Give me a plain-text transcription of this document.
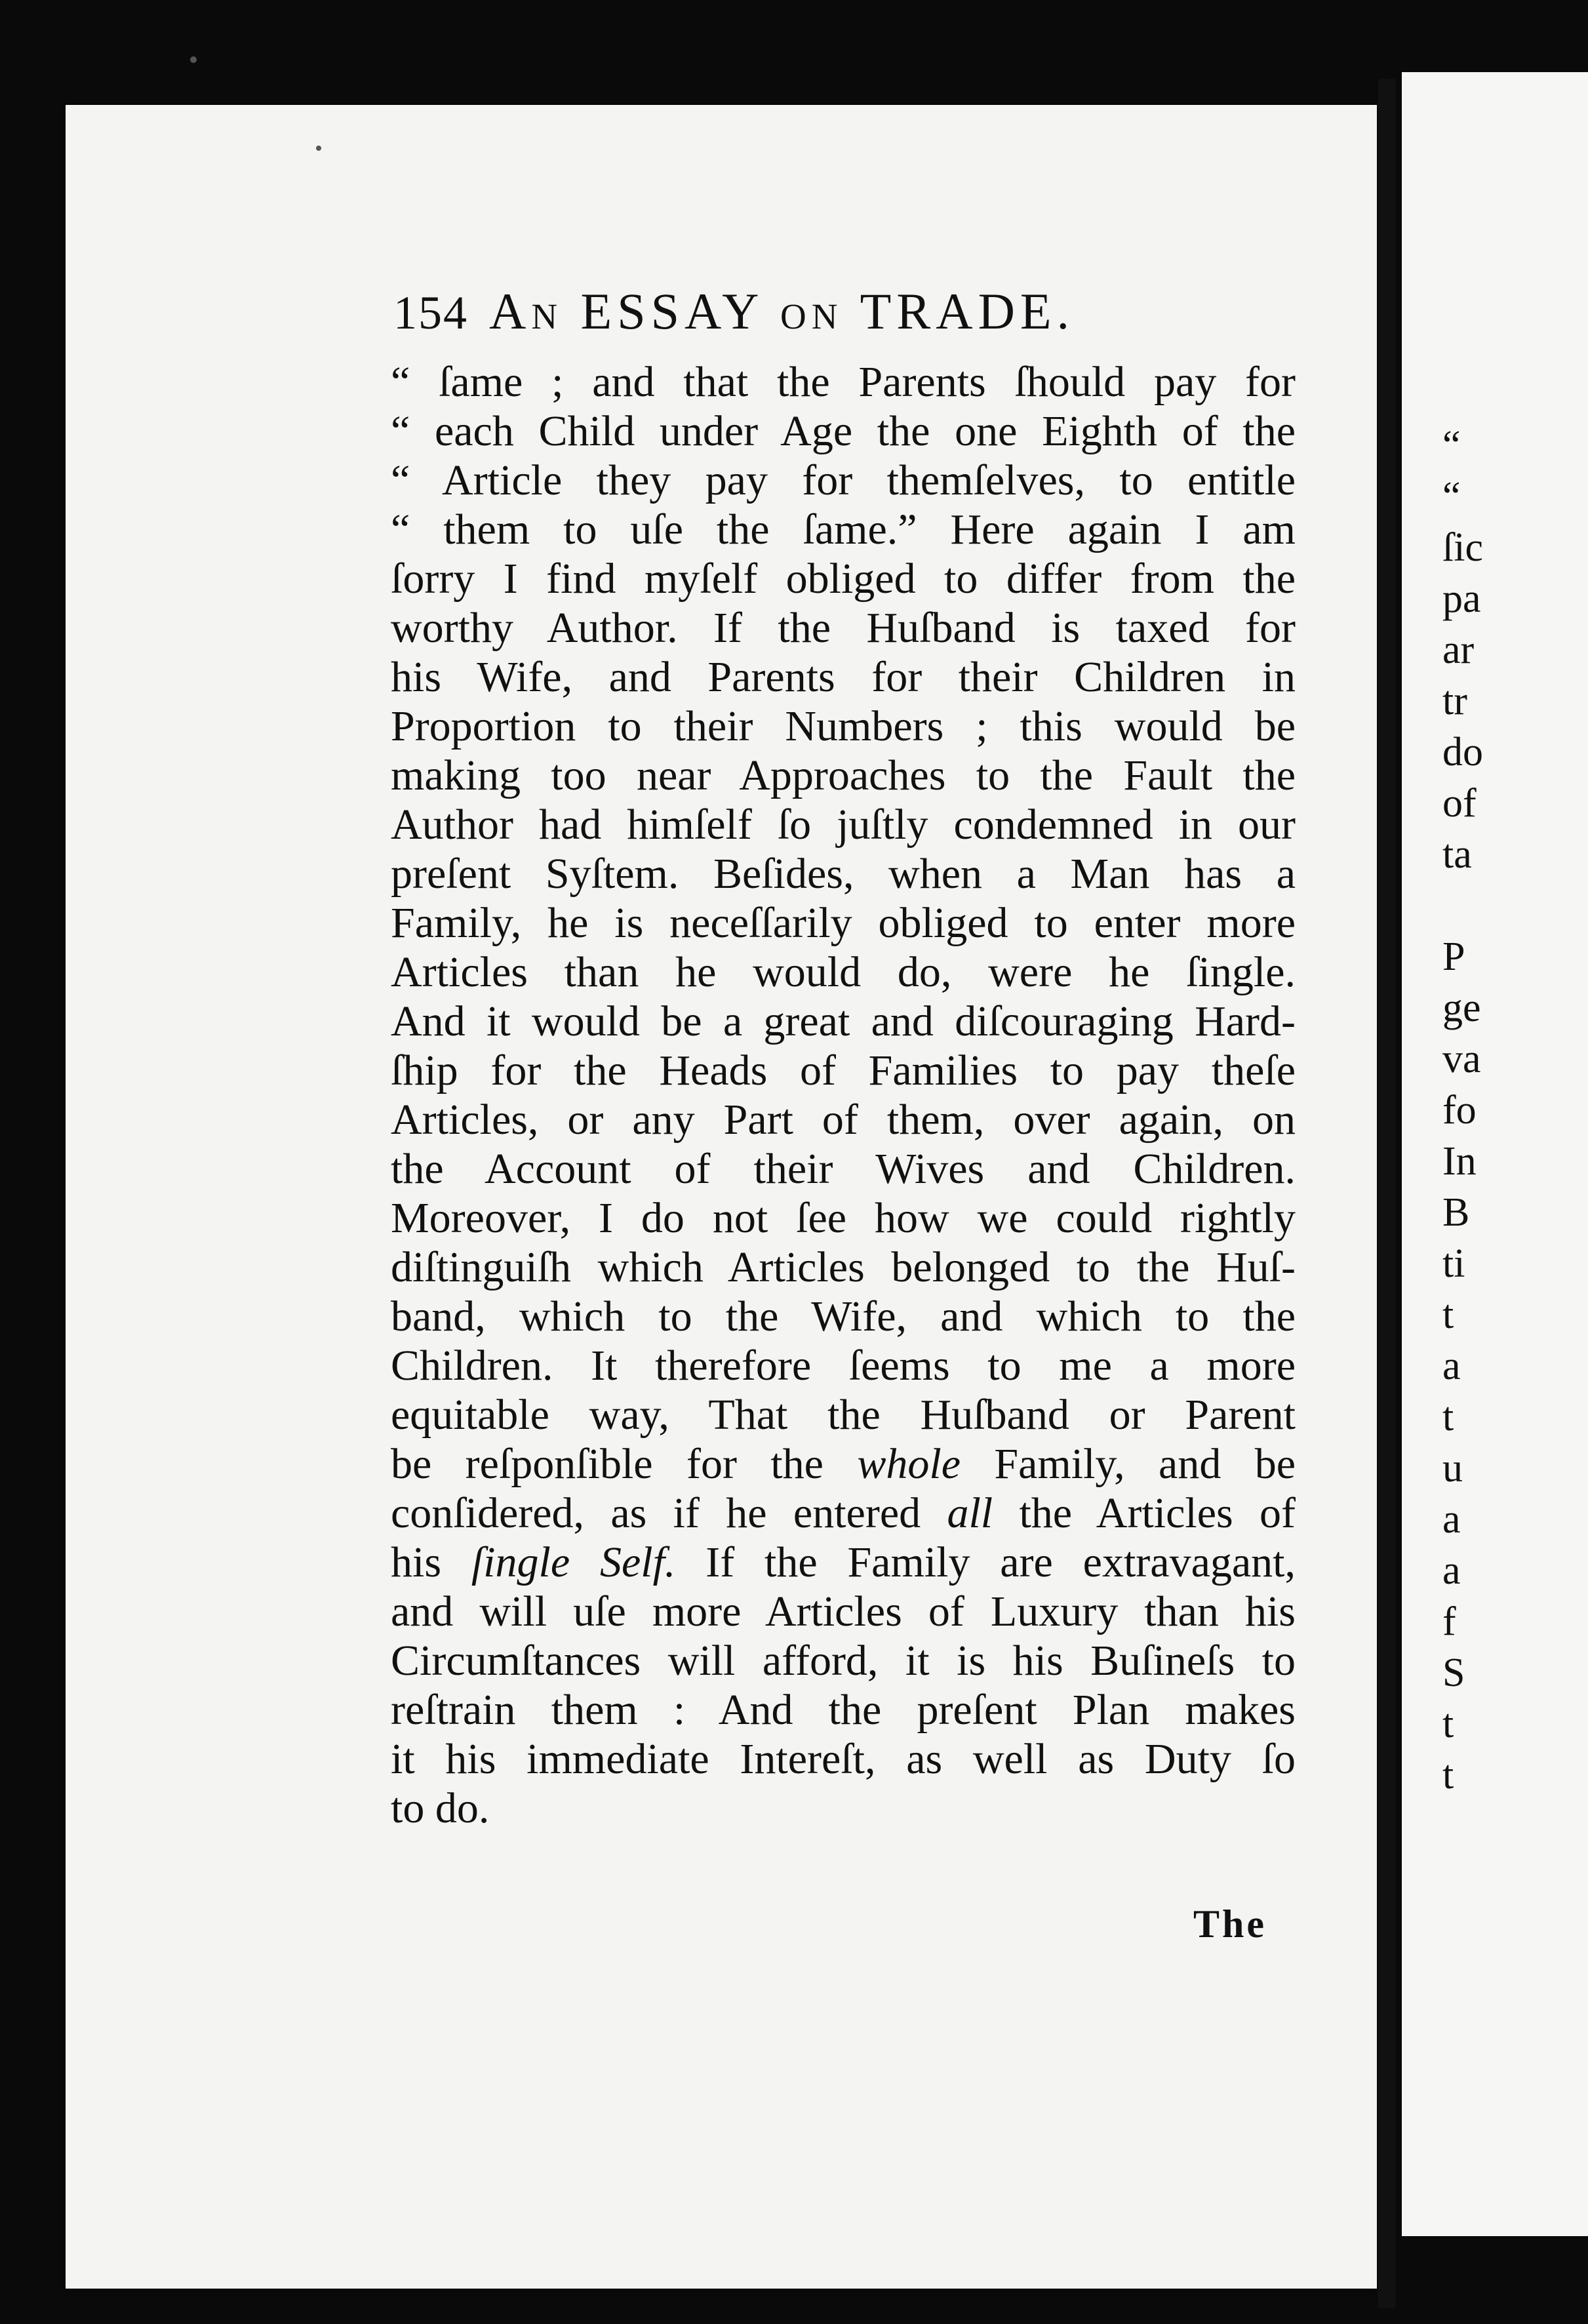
154 An ESSAY on TRADE.
“ ſame ; and that the Parents ſhould pay for
“ each Child under Age the one Eighth of the
“ Article they pay for themſelves, to entitle
“ them to uſe the ſame.” Here again I am
ſorry I find myſelf obliged to differ from the
worthy Author. If the Huſband is taxed for
his Wife, and Parents for their Children in
Proportion to their Numbers ; this would be
making too near Approaches to the Fault the
Author had himſelf ſo juſtly condemned in our
preſent Syſtem. Beſides, when a Man has a
Family, he is neceſſarily obliged to enter more
Articles than he would do, were he ſingle.
And it would be a great and diſcouraging Hard-
ſhip for the Heads of Families to pay theſe
Articles, or any Part of them, over again, on
the Account of their Wives and Children.
Moreover, I do not ſee how we could rightly
diſtinguiſh which Articles belonged to the Huſ-
band, which to the Wife, and which to the
Children. It therefore ſeems to me a more
equitable way, That the Huſband or Parent
be reſponſible for the whole Family, and be
conſidered, as if he entered all the Articles of
his ſingle Self. If the Family are extravagant,
and will uſe more Articles of Luxury than his
Circumſtances will afford, it is his Buſineſs to
reſtrain them : And the preſent Plan makes
it his immediate Intereſt, as well as Duty ſo
to do.
The
“
“
ſic
pa
ar
tr
do
of
ta
P
ge
va
fo
In
B
ti
t
a
t
u
a
a
f
S
t
t
